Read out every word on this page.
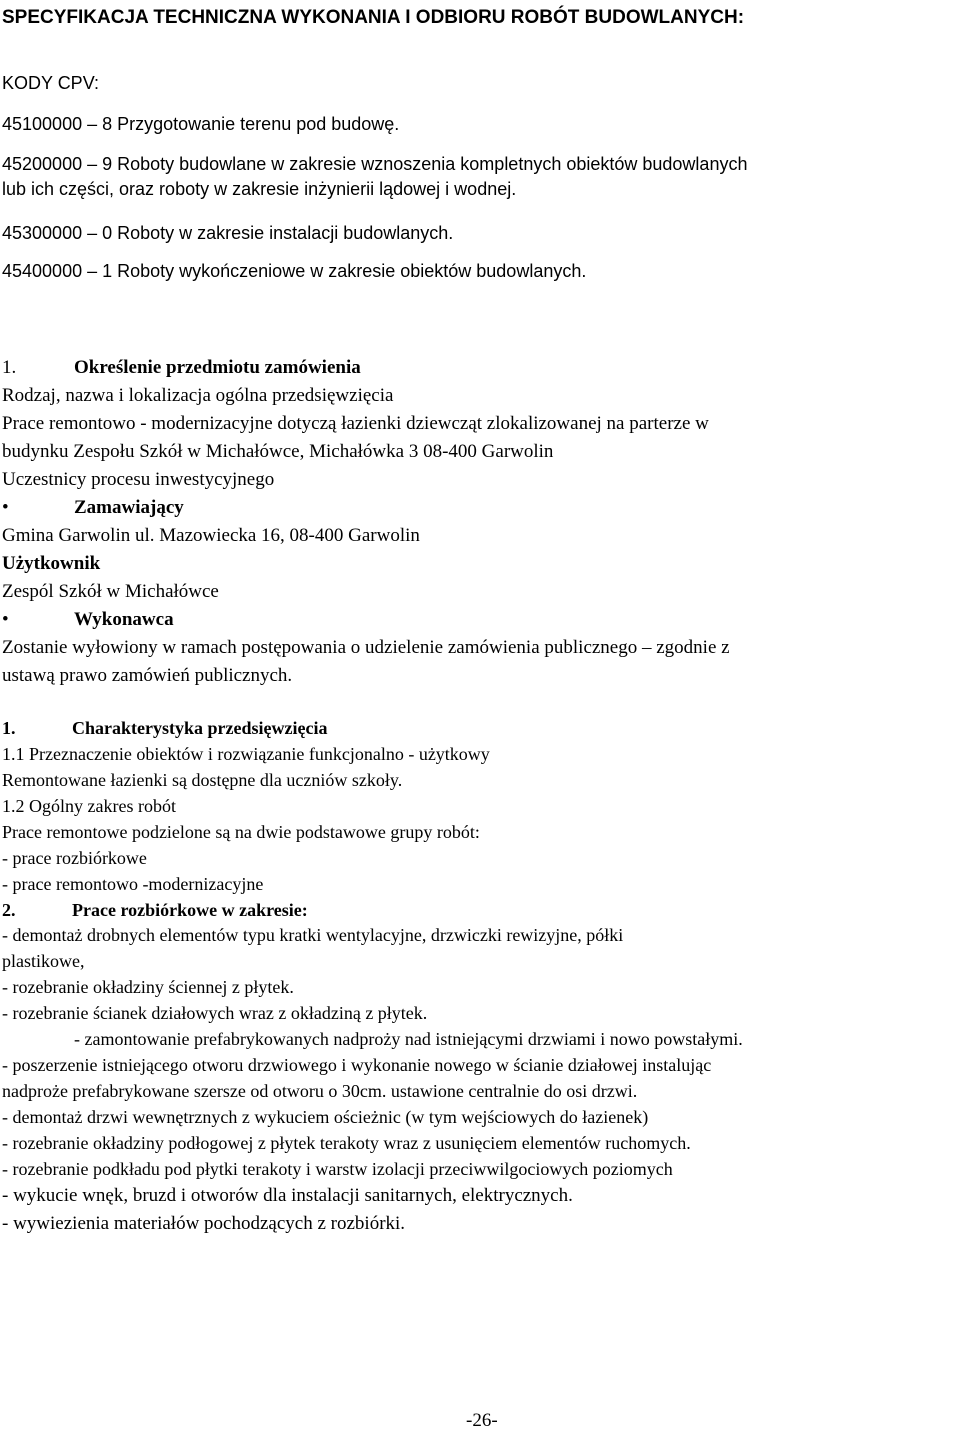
SPECYFIKACJA TECHNICZNA WYKONANIA I ODBIORU ROBÓT BUDOWLANYCH:
KODY CPV:
45100000 – 8 Przygotowanie terenu pod budowę.
45200000 – 9 Roboty budowlane w zakresie wznoszenia kompletnych obiektów budowlanych
lub ich części, oraz roboty w zakresie inżynierii lądowej i wodnej.
45300000 – 0 Roboty w zakresie instalacji budowlanych.
45400000 – 1 Roboty wykończeniowe w zakresie obiektów budowlanych.
1.	Określenie przedmiotu zamówienia
Rodzaj, nazwa i lokalizacja ogólna przedsięwzięcia
Prace remontowo - modernizacyjne dotyczą łazienki dziewcząt zlokalizowanej na parterze w
budynku Zespołu Szkół w Michałówce, Michałówka 3 08-400 Garwolin
Uczestnicy procesu inwestycyjnego
•	Zamawiający
Gmina Garwolin ul. Mazowiecka 16, 08-400 Garwolin
Użytkownik
Zespól Szkół w Michałówce
•	Wykonawca
Zostanie wyłowiony w ramach postępowania o udzielenie zamówienia publicznego – zgodnie z
ustawą prawo zamówień publicznych.
1.	Charakterystyka przedsięwzięcia
1.1 Przeznaczenie obiektów i rozwiązanie funkcjonalno - użytkowy
Remontowane łazienki są dostępne dla uczniów szkoły.
1.2 Ogólny zakres robót
Prace remontowe podzielone są na dwie podstawowe grupy robót:
- prace rozbiórkowe
- prace remontowo -modernizacyjne
2.	Prace rozbiórkowe w zakresie:
- demontaż drobnych elementów typu kratki wentylacyjne, drzwiczki rewizyjne, półki
plastikowe,
- rozebranie okładziny ściennej z płytek.
- rozebranie ścianek działowych wraz z okładziną z płytek.
- zamontowanie prefabrykowanych nadproży nad istniejącymi drzwiami i nowo powstałymi.
- poszerzenie istniejącego otworu drzwiowego i wykonanie nowego w ścianie działowej instalując
nadproże prefabrykowane szersze od otworu o 30cm. ustawione centralnie do osi drzwi.
- demontaż drzwi wewnętrznych z wykuciem ościeżnic (w tym wejściowych do łazienek)
- rozebranie okładziny podłogowej z płytek terakoty wraz z usunięciem elementów ruchomych.
- rozebranie podkładu pod płytki terakoty i warstw izolacji przeciwwilgociowych poziomych
- wykucie wnęk, bruzd i otworów dla instalacji sanitarnych, elektrycznych.
- wywiezienia materiałów pochodzących z rozbiórki.
-26-
